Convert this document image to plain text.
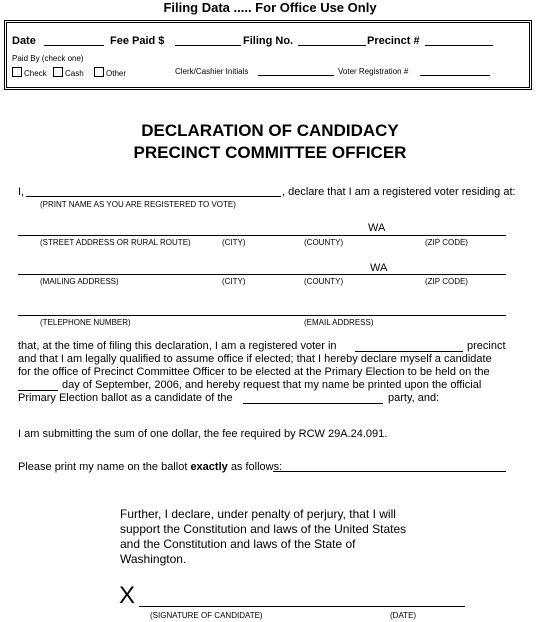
Filing Data ..... For Office Use Only
Date	Fee Paid $	Filing No.	Precinct #
Paid By (check one)
Check	Cash	Other	Clerk/Cashier Initials	Voter Registration #
DECLARATION OF CANDIDACY
PRECINCT COMMITTEE OFFICER
I,	, declare that I am a registered voter residing at:
(PRINT NAME AS YOU ARE REGISTERED TO VOTE)
WA
(STREET ADDRESS OR RURAL ROUTE)	(CITY)	(COUNTY)	(ZIP CODE)
WA
(MAILING ADDRESS)	(CITY)	(COUNTY)	(ZIP CODE)
(TELEPHONE NUMBER)	(EMAIL ADDRESS)
that, at the time of filing this declaration, I am a registered voter in	precinct
and that I am legally qualified to assume office if elected; that I hereby declare myself a candidate
for the office of Precinct Committee Officer to be elected at the Primary Election to be held on the
day of September, 2006, and hereby request that my name be printed upon the official
Primary Election ballot as a candidate of the	party, and:
I am submitting the sum of one dollar, the fee required by RCW 29A.24.091.
Please print my name on the ballot exactly as follows:
Further, I declare, under penalty of perjury, that I will
support the Constitution and laws of the United States
and the Constitution and laws of the State of
Washington.
X
(SIGNATURE OF CANDIDATE)	(DATE)
